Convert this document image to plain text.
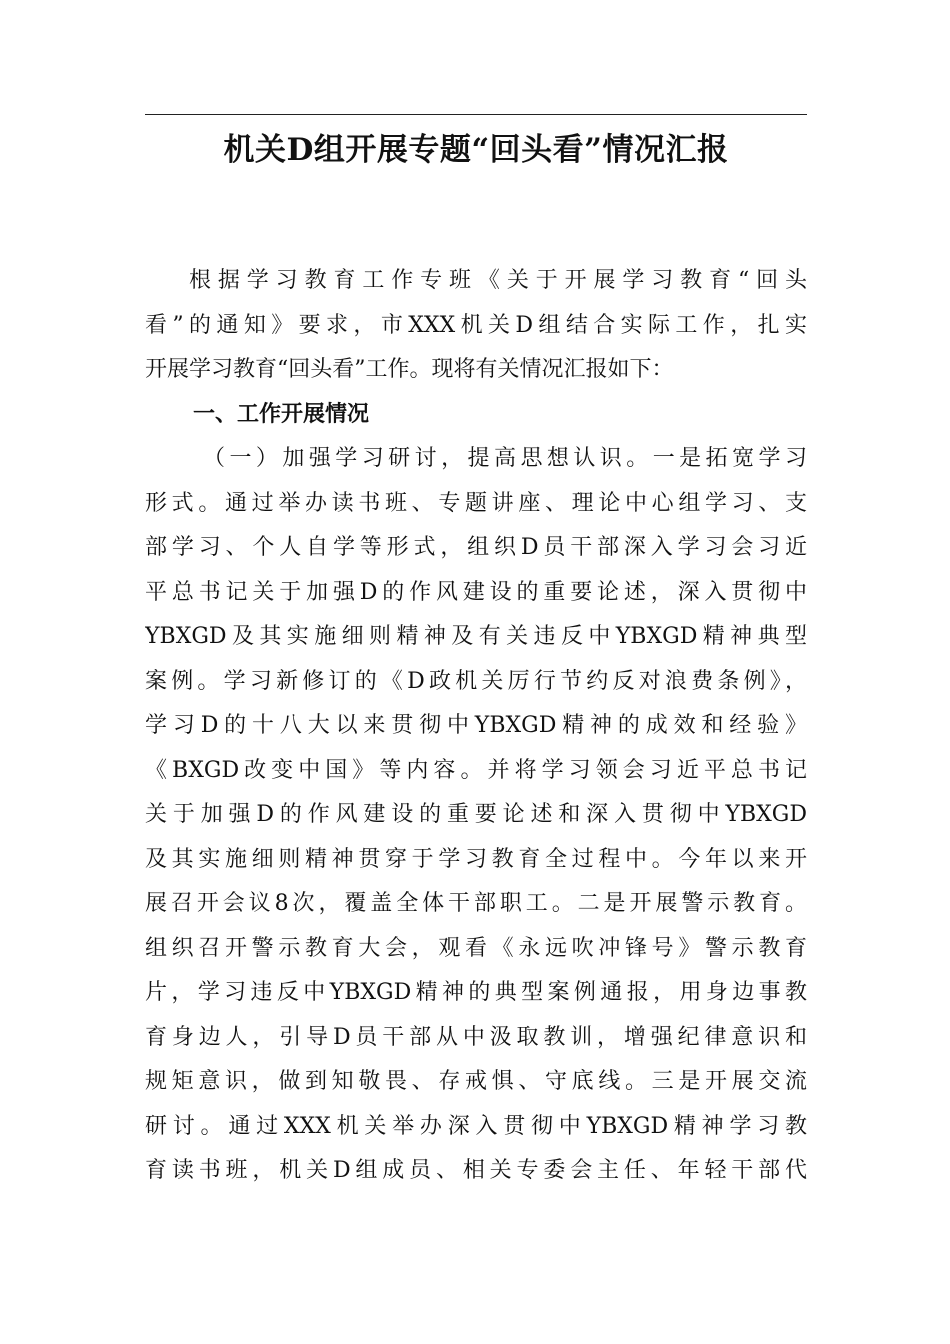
机关D组开展专题“回头看”情况汇报
根据学习教育工作专班《关于开展学习教育“回头
看”的通知》要求，市XXX机关D组结合实际工作，扎实
开展学习教育“回头看”工作。现将有关情况汇报如下：
一、工作开展情况
（一）加强学习研讨，提高思想认识。一是拓宽学习
形式。通过举办读书班、专题讲座、理论中心组学习、支
部学习、个人自学等形式，组织D员干部深入学习会习近
平总书记关于加强D的作风建设的重要论述，深入贯彻中
YBXGD及其实施细则精神及有关违反中YBXGD精神典型
案例。学习新修订的《D政机关厉行节约反对浪费条例》，
学习D的十八大以来贯彻中YBXGD精神的成效和经验》
《BXGD改变中国》等内容。并将学习领会习近平总书记
关于加强D的作风建设的重要论述和深入贯彻中YBXGD
及其实施细则精神贯穿于学习教育全过程中。今年以来开
展召开会议8次，覆盖全体干部职工。二是开展警示教育。
组织召开警示教育大会，观看《永远吹冲锋号》警示教育
片，学习违反中YBXGD精神的典型案例通报，用身边事教
育身边人，引导D员干部从中汲取教训，增强纪律意识和
规矩意识，做到知敬畏、存戒惧、守底线。三是开展交流
研讨。通过XXX机关举办深入贯彻中YBXGD精神学习教
育读书班，机关D组成员、相关专委会主任、年轻干部代
